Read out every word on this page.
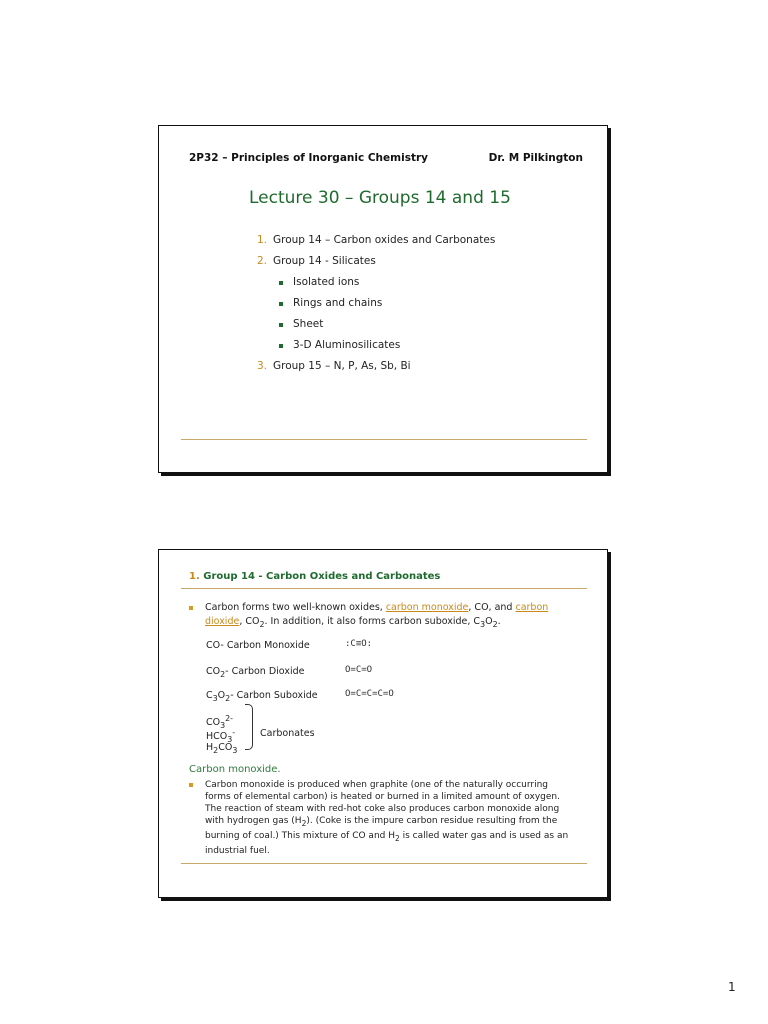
2P32 – Principles of Inorganic Chemistry	Dr. M Pilkington
Lecture 30 – Groups 14 and 15
1. Group 14 – Carbon oxides and Carbonates
2. Group 14 - Silicates
Isolated ions
Rings and chains
Sheet
3-D Aluminosilicates
3. Group 15 – N, P, As, Sb, Bi
1. Group 14 - Carbon Oxides and Carbonates
Carbon forms two well-known oxides, carbon monoxide, CO, and carbon dioxide, $CO_2$. In addition, it also forms carbon suboxide, $C_3O_2$.
CO- Carbon Monoxide	:C≡O:
$CO_2-$ Carbon Dioxide	O=C=O
$C_3O_2-$ Carbon Suboxide	O=C=C=C=O
$CO_3^{2-}$
$HCO_3^-$
$H_2CO_3$
Carbonates
Carbon monoxide.
Carbon monoxide is produced when graphite (one of the naturally occurring forms of elemental carbon) is heated or burned in a limited amount of oxygen. The reaction of steam with red-hot coke also produces carbon monoxide along with hydrogen gas $(H_2)$. (Coke is the impure carbon residue resulting from the burning of coal.) This mixture of CO and $H_2$ is called water gas and is used as an industrial fuel.
1
